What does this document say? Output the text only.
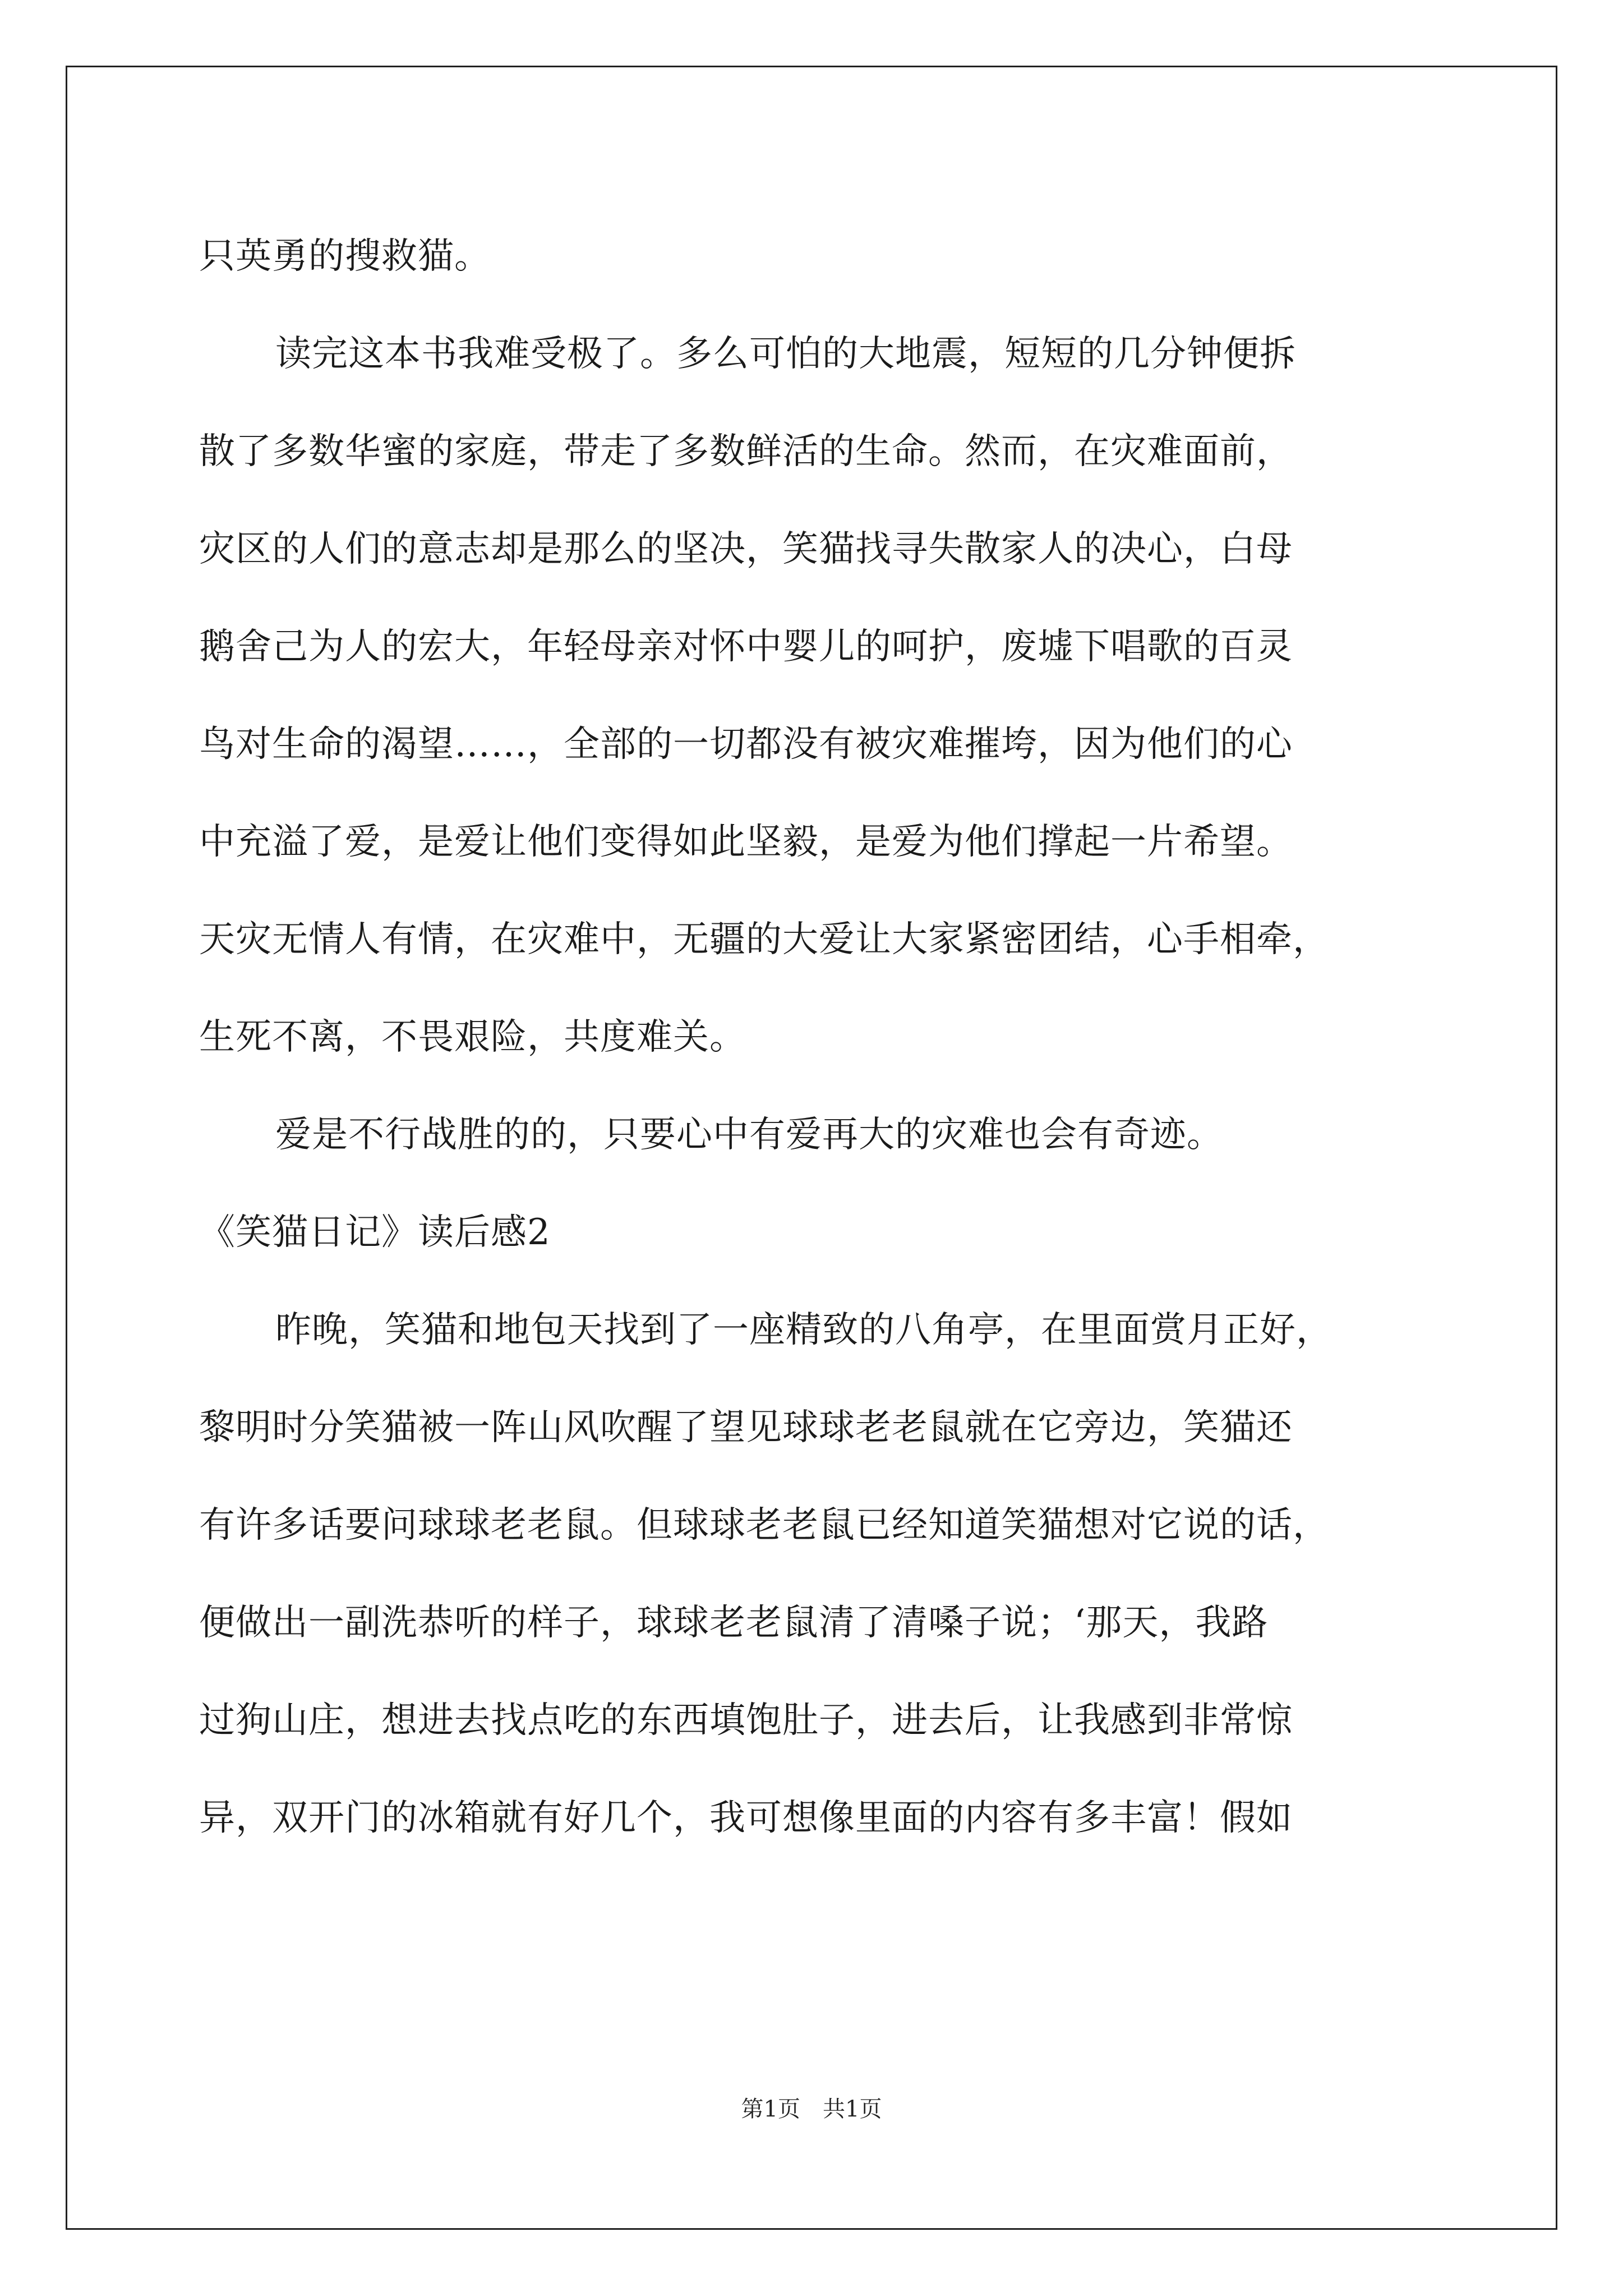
只英勇的搜救猫。
读完这本书我难受极了。多么可怕的大地震，短短的几分钟便拆
散了多数华蜜的家庭，带走了多数鲜活的生命。然而，在灾难面前，
灾区的人们的意志却是那么的坚决，笑猫找寻失散家人的决心，白母
鹅舍己为人的宏大，年轻母亲对怀中婴儿的呵护，废墟下唱歌的百灵
鸟对生命的渴望……，全部的一切都没有被灾难摧垮，因为他们的心
中充溢了爱，是爱让他们变得如此坚毅，是爱为他们撑起一片希望。
天灾无情人有情，在灾难中，无疆的大爱让大家紧密团结，心手相牵，
生死不离，不畏艰险，共度难关。
爱是不行战胜的的，只要心中有爱再大的灾难也会有奇迹。
《笑猫日记》读后感2
昨晚，笑猫和地包天找到了一座精致的八角亭，在里面赏月正好，
黎明时分笑猫被一阵山风吹醒了望见球球老老鼠就在它旁边，笑猫还
有许多话要问球球老老鼠。但球球老老鼠已经知道笑猫想对它说的话，
便做出一副洗恭听的样子，球球老老鼠清了清嗓子说；‘那天，我路
过狗山庄，想进去找点吃的东西填饱肚子，进去后，让我感到非常惊
异，双开门的冰箱就有好几个，我可想像里面的内容有多丰富！假如
第1页 共1页
